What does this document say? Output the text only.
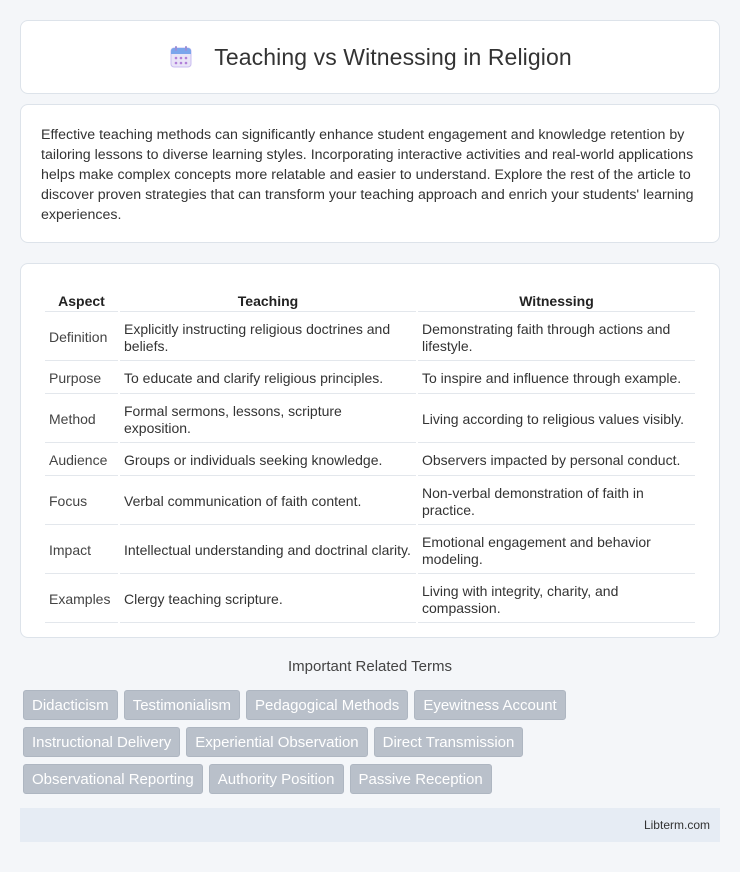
Teaching vs Witnessing in Religion

Effective teaching methods can significantly enhance student engagement and knowledge retention by tailoring lessons to diverse learning styles. Incorporating interactive activities and real-world applications helps make complex concepts more relatable and easier to understand. Explore the rest of the article to discover proven strategies that can transform your teaching approach and enrich your students' learning experiences.

Aspect	Teaching	Witnessing
Definition	Explicitly instructing religious doctrines and beliefs.	Demonstrating faith through actions and lifestyle.
Purpose	To educate and clarify religious principles.	To inspire and influence through example.
Method	Formal sermons, lessons, scripture exposition.	Living according to religious values visibly.
Audience	Groups or individuals seeking knowledge.	Observers impacted by personal conduct.
Focus	Verbal communication of faith content.	Non-verbal demonstration of faith in practice.
Impact	Intellectual understanding and doctrinal clarity.	Emotional engagement and behavior modeling.
Examples	Clergy teaching scripture.	Living with integrity, charity, and compassion.
Important Related Terms
Didacticism	Testimonialism	Pedagogical Methods	Eyewitness Account
Instructional Delivery	Experiential Observation	Direct Transmission
Observational Reporting	Authority Position	Passive Reception
Libterm.com
